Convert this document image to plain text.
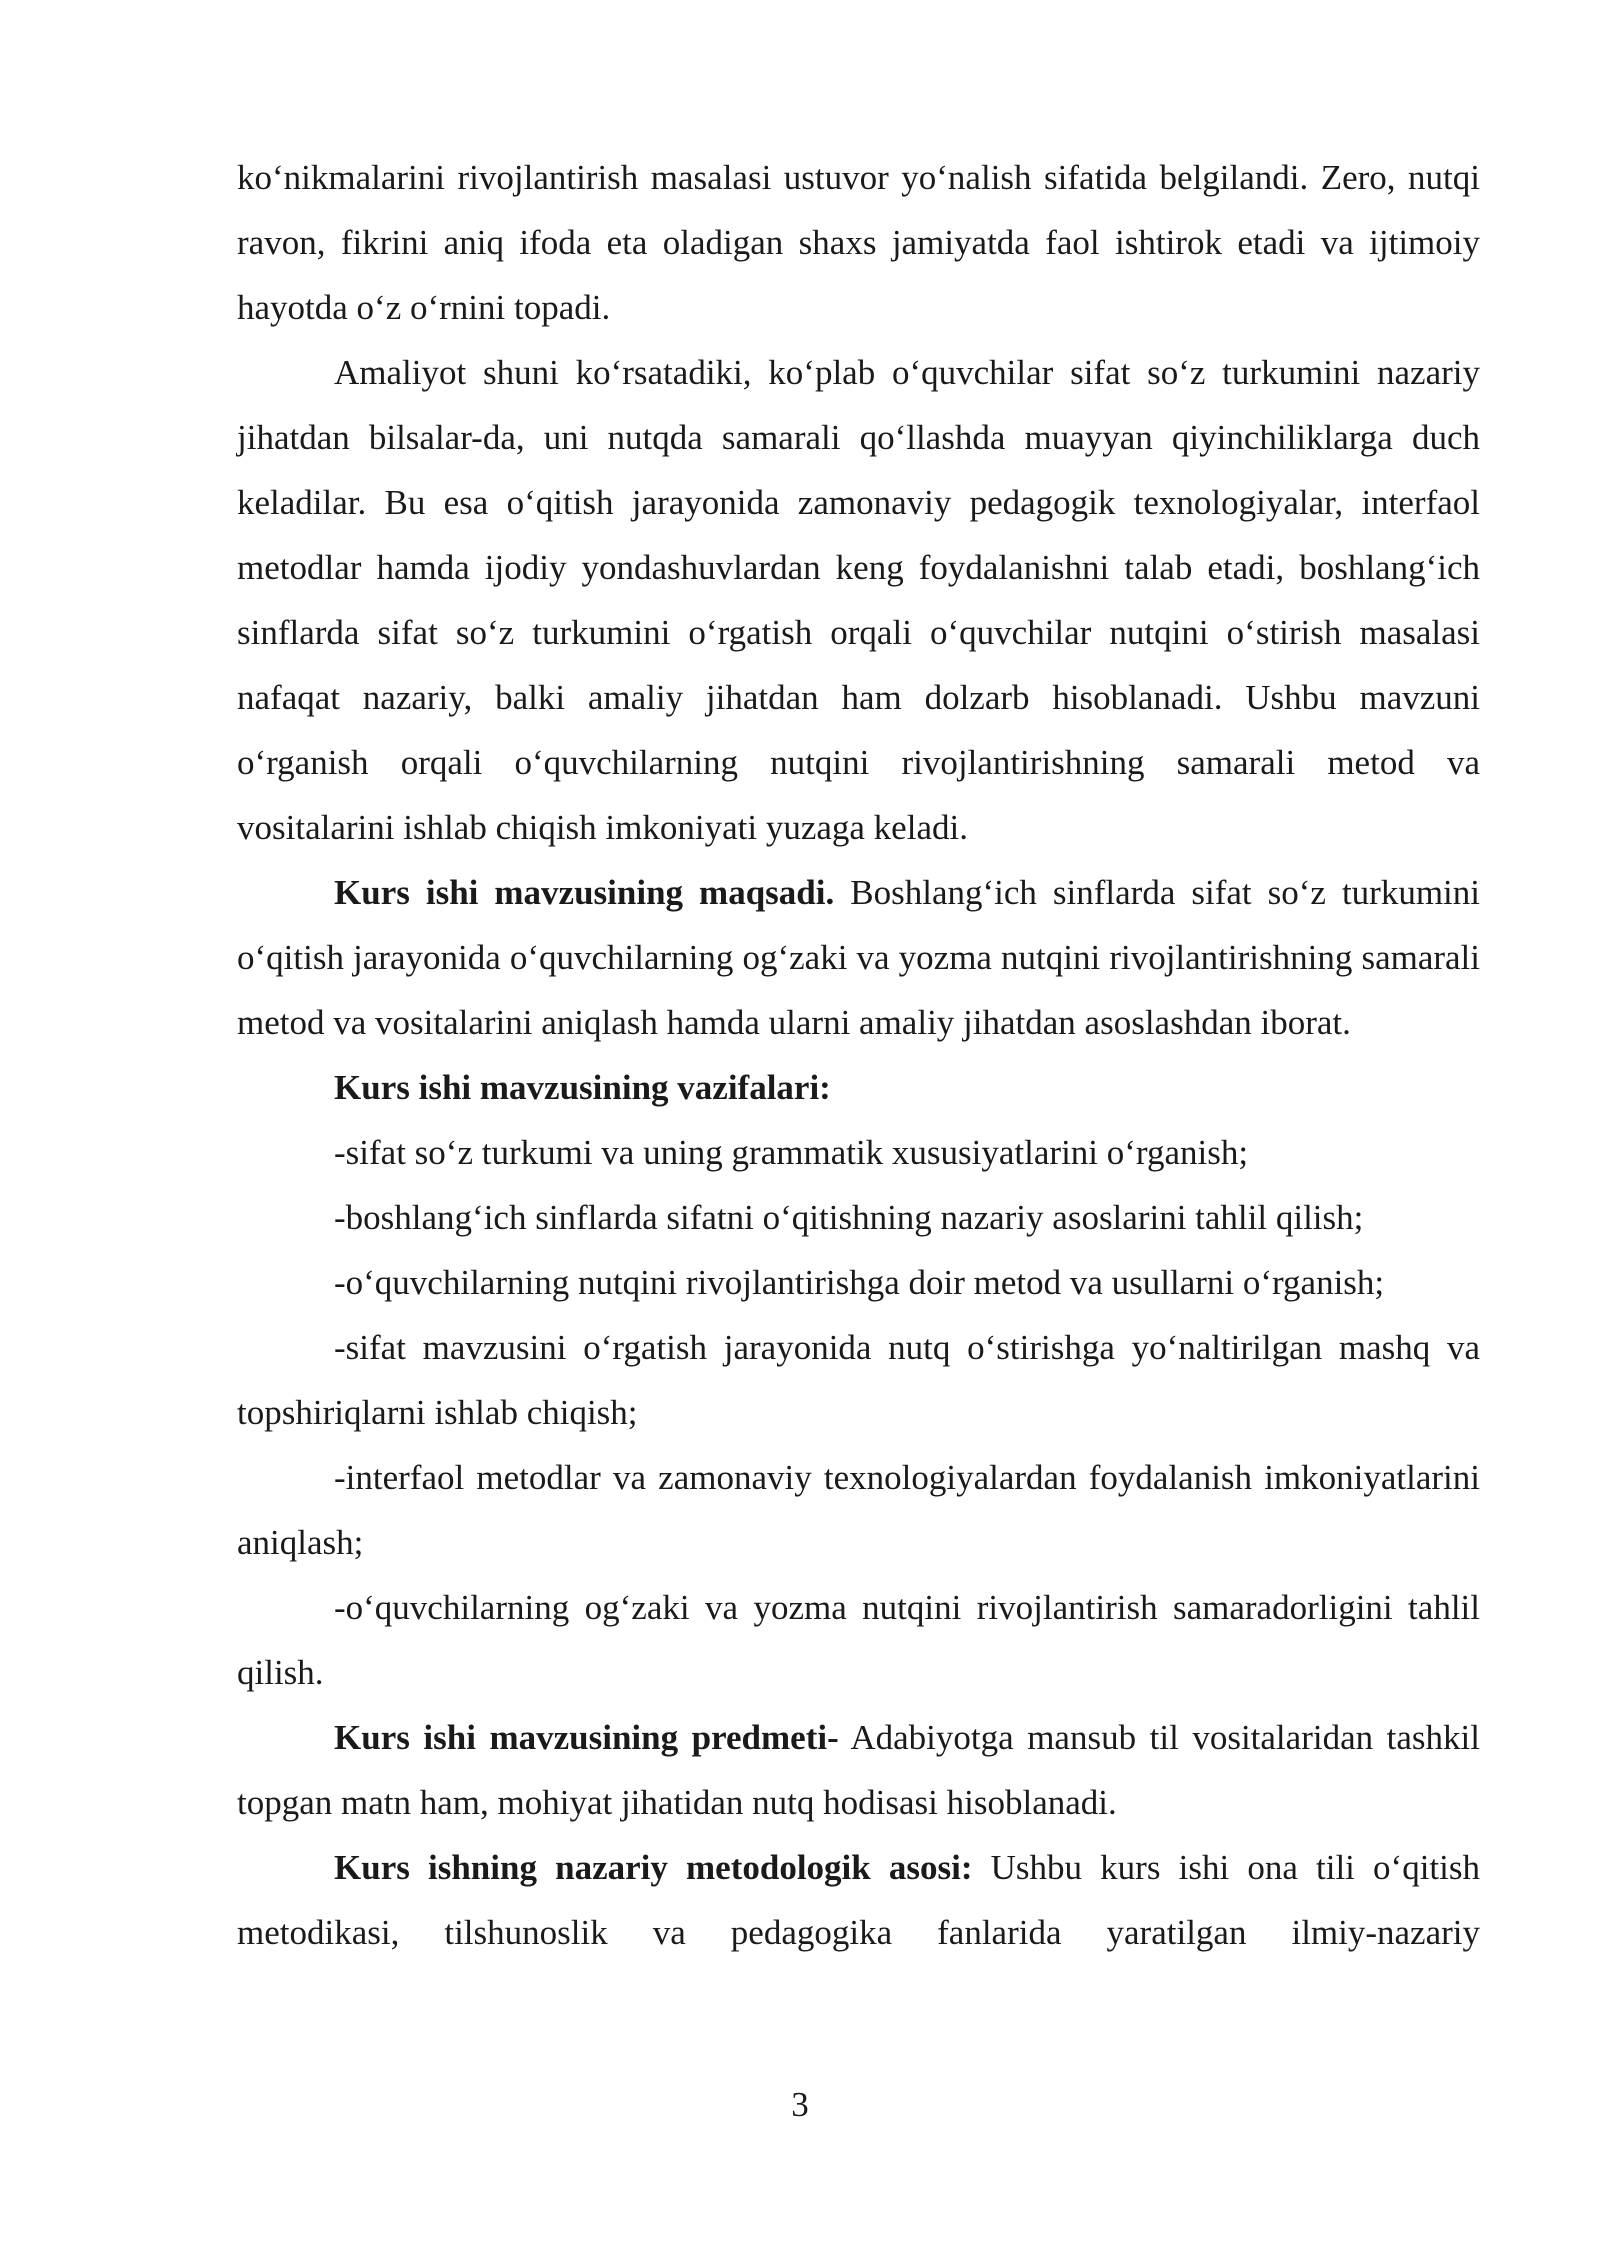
ko‘nikmalarini rivojlantirish masalasi ustuvor yo‘nalish sifatida belgilandi. Zero, nutqi ravon, fikrini aniq ifoda eta oladigan shaxs jamiyatda faol ishtirok etadi va ijtimoiy hayotda o‘z o‘rnini topadi.

Amaliyot shuni ko‘rsatadiki, ko‘plab o‘quvchilar sifat so‘z turkumini nazariy jihatdan bilsalar-da, uni nutqda samarali qo‘llashda muayyan qiyinchiliklarga duch keladilar. Bu esa o‘qitish jarayonida zamonaviy pedagogik texnologiyalar, interfaol metodlar hamda ijodiy yondashuvlardan keng foydalanishni talab etadi, boshlang‘ich sinflarda sifat so‘z turkumini o‘rgatish orqali o‘quvchilar nutqini o‘stirish masalasi nafaqat nazariy, balki amaliy jihatdan ham dolzarb hisoblanadi. Ushbu mavzuni o‘rganish orqali o‘quvchilarning nutqini rivojlantirishning samarali metod va vositalarini ishlab chiqish imkoniyati yuzaga keladi.

Kurs ishi mavzusining maqsadi. Boshlang‘ich sinflarda sifat so‘z turkumini o‘qitish jarayonida o‘quvchilarning og‘zaki va yozma nutqini rivojlantirishning samarali metod va vositalarini aniqlash hamda ularni amaliy jihatdan asoslashdan iborat.

Kurs ishi mavzusining vazifalari:

-sifat so‘z turkumi va uning grammatik xususiyatlarini o‘rganish;

-boshlang‘ich sinflarda sifatni o‘qitishning nazariy asoslarini tahlil qilish;

-o‘quvchilarning nutqini rivojlantirishga doir metod va usullarni o‘rganish;

-sifat mavzusini o‘rgatish jarayonida nutq o‘stirishga yo‘naltirilgan mashq va topshiriqlarni ishlab chiqish;

-interfaol metodlar va zamonaviy texnologiyalardan foydalanish imkoniyatlarini aniqlash;

-o‘quvchilarning og‘zaki va yozma nutqini rivojlantirish samaradorligini tahlil qilish.

Kurs ishi mavzusining predmeti- Adabiyotga mansub til vositalaridan tashkil topgan matn ham, mohiyat jihatidan nutq hodisasi hisoblanadi.

Kurs ishning nazariy metodologik asosi: Ushbu kurs ishi ona tili o‘qitish metodikasi, tilshunoslik va pedagogika fanlarida yaratilgan ilmiy-nazariy

3
